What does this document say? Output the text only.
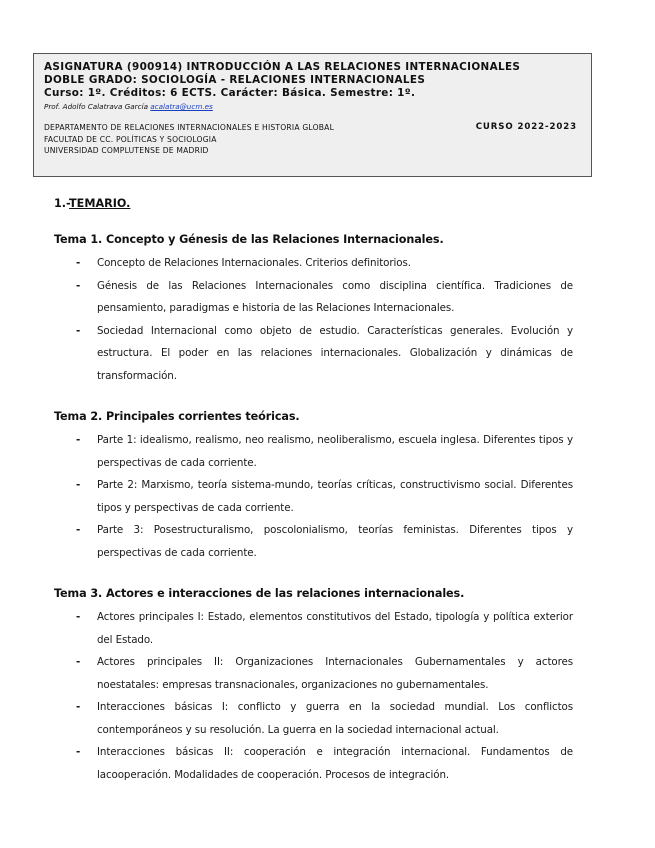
ASIGNATURA (900914) INTRODUCCIÓN A LAS RELACIONES INTERNACIONALES
DOBLE GRADO: SOCIOLOGÍA - RELACIONES INTERNACIONALES
Curso: 1º. Créditos: 6 ECTS. Carácter: Básica. Semestre: 1º.
Prof. Adolfo Calatrava García acalatra@ucm.es
DEPARTAMENTO DE RELACIONES INTERNACIONALES E HISTORIA GLOBAL
FACULTAD DE CC. POLÍTICAS Y SOCIOLOGIA
UNIVERSIDAD COMPLUTENSE DE MADRID
CURSO 2022-2023
1.-TEMARIO.
Tema 1. Concepto y Génesis de las Relaciones Internacionales.
- Concepto de Relaciones Internacionales. Criterios definitorios.
- Génesis de las Relaciones Internacionales como disciplina científica. Tradiciones de pensamiento, paradigmas e historia de las Relaciones Internacionales.
- Sociedad Internacional como objeto de estudio. Características generales. Evolución y estructura. El poder en las relaciones internacionales. Globalización y dinámicas de transformación.
Tema 2. Principales corrientes teóricas.
- Parte 1: idealismo, realismo, neo realismo, neoliberalismo, escuela inglesa. Diferentes tipos y perspectivas de cada corriente.
- Parte 2: Marxismo, teoría sistema-mundo, teorías críticas, constructivismo social. Diferentes tipos y perspectivas de cada corriente.
- Parte 3: Posestructuralismo, poscolonialismo, teorías feministas. Diferentes tipos y perspectivas de cada corriente.
Tema 3. Actores e interacciones de las relaciones internacionales.
- Actores principales I: Estado, elementos constitutivos del Estado, tipología y política exterior del Estado.
- Actores principales II: Organizaciones Internacionales Gubernamentales y actores noestatales: empresas transnacionales, organizaciones no gubernamentales.
- Interacciones básicas I: conflicto y guerra en la sociedad mundial. Los conflictos contemporáneos y su resolución. La guerra en la sociedad internacional actual.
- Interacciones básicas II: cooperación e integración internacional. Fundamentos de lacooperación. Modalidades de cooperación. Procesos de integración.
